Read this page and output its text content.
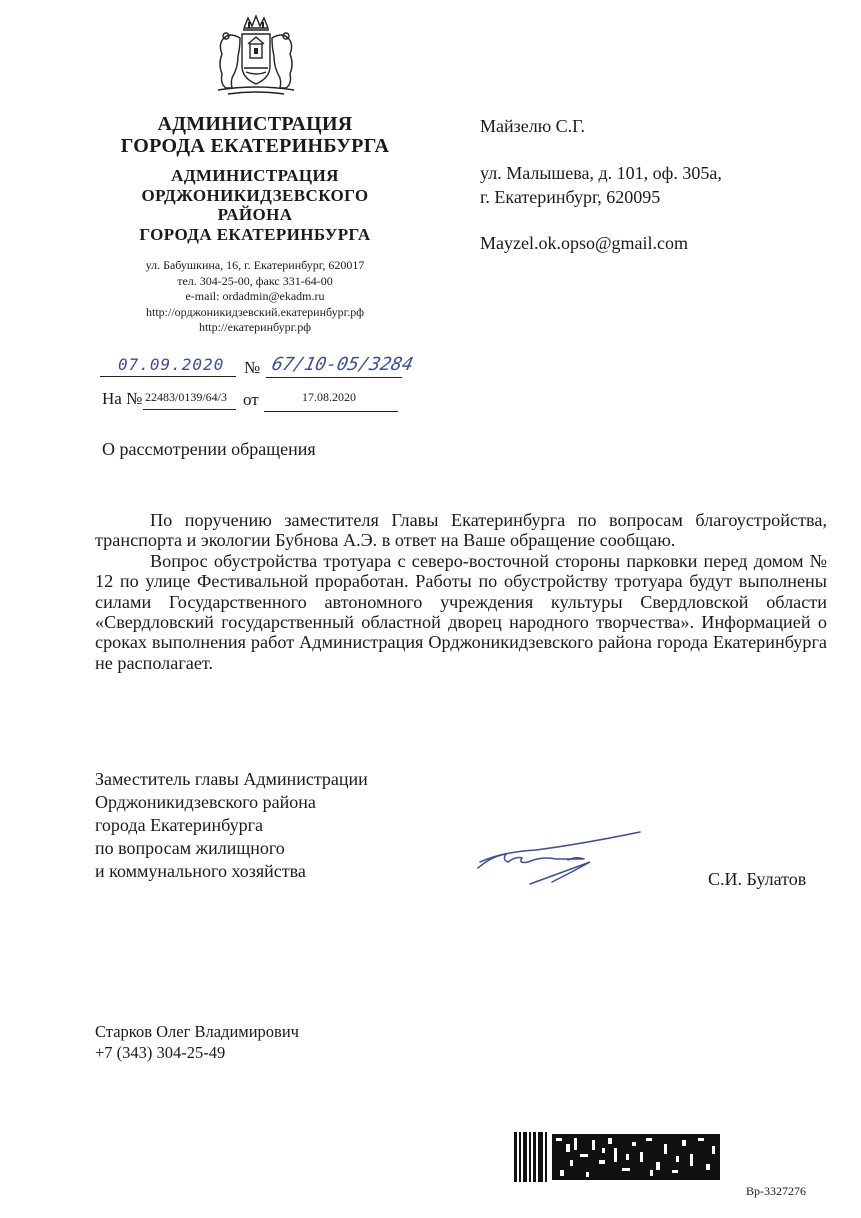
АДМИНИСТРАЦИЯ
ГОРОДА ЕКАТЕРИНБУРГА
АДМИНИСТРАЦИЯ
ОРДЖОНИКИДЗЕВСКОГО
РАЙОНА
ГОРОДА ЕКАТЕРИНБУРГА
ул. Бабушкина, 16, г. Екатеринбург, 620017
тел. 304-25-00, факс 331-64-00
e-mail: ordadmin@ekadm.ru
http://орджоникидзевский.екатеринбург.рф
http://екатеринбург.рф
Майзелю С.Г.
ул. Малышева, д. 101, оф. 305а,
г. Екатеринбург, 620095
Mayzel.ok.opso@gmail.com
07.09.2020 № 67/10-05/3284
На № 22483/0139/64/3 от	17.08.2020
О рассмотрении обращения

По поручению заместителя Главы Екатеринбурга по вопросам благоустройства, транспорта и экологии Бубнова А.Э. в ответ на Ваше обращение сообщаю.

Вопрос обустройства тротуара с северо-восточной стороны парковки перед домом № 12 по улице Фестивальной проработан. Работы по обустройству тротуара будут выполнены силами Государственного автономного учреждения культуры Свердловской области «Свердловский государственный областной дворец народного творчества». Информацией о сроках выполнения работ Администрация Орджоникидзевского района города Екатеринбурга не располагает.

Заместитель главы Администрации
Орджоникидзевского района
города Екатеринбурга
по вопросам жилищного
и коммунального хозяйства	С.И. Булатов
Старков Олег Владимирович
+7 (343) 304-25-49
Вр-3327276
